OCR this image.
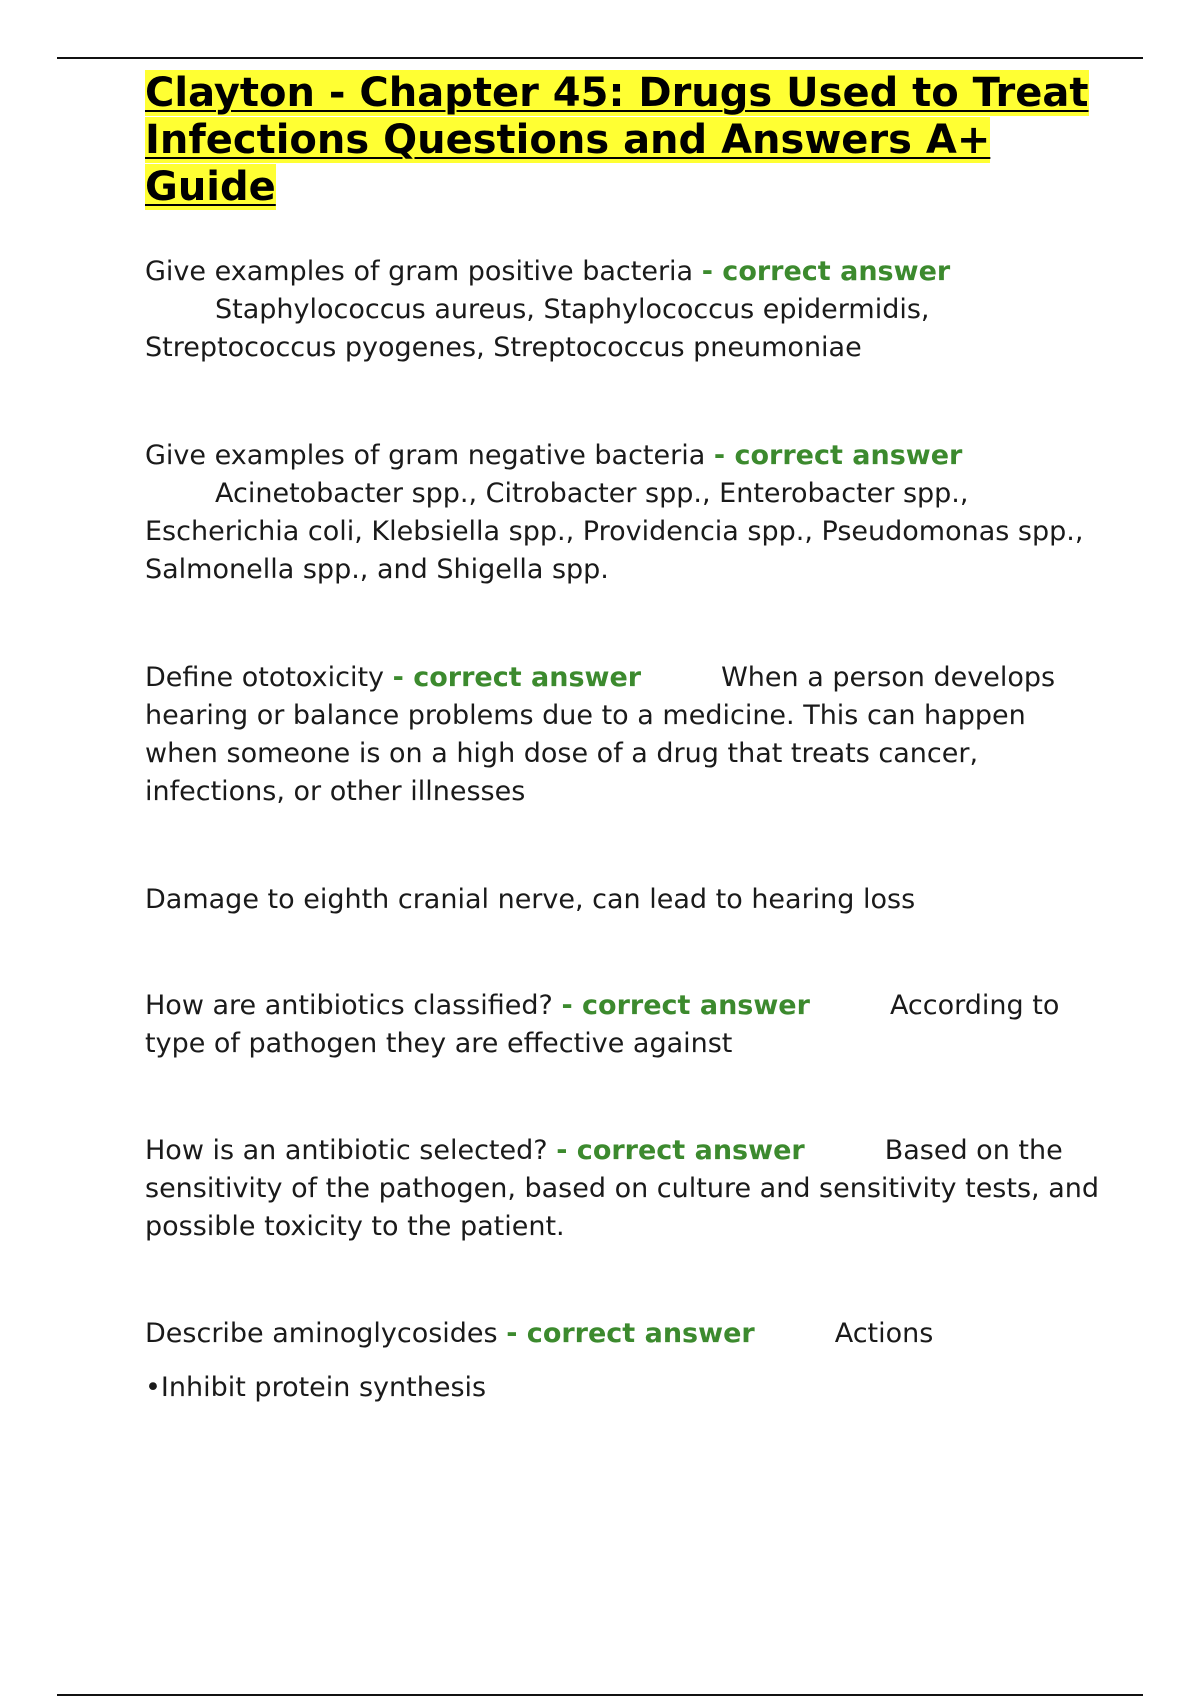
Clayton - Chapter 45: Drugs Used to Treat Infections Questions and Answers A+ Guide

Give examples of gram positive bacteria - correct answer
Staphylococcus aureus, Staphylococcus epidermidis, Streptococcus pyogenes, Streptococcus pneumoniae

Give examples of gram negative bacteria - correct answer
Acinetobacter spp., Citrobacter spp., Enterobacter spp., Escherichia coli, Klebsiella spp., Providencia spp., Pseudomonas spp., Salmonella spp., and Shigella spp.

Define ototoxicity - correct answer	When a person develops hearing or balance problems due to a medicine. This can happen when someone is on a high dose of a drug that treats cancer, infections, or other illnesses

Damage to eighth cranial nerve, can lead to hearing loss

How are antibiotics classified? - correct answer	According to type of pathogen they are effective against

How is an antibiotic selected? - correct answer	Based on the sensitivity of the pathogen, based on culture and sensitivity tests, and possible toxicity to the patient.

Describe aminoglycosides - correct answer	Actions

•Inhibit protein synthesis
